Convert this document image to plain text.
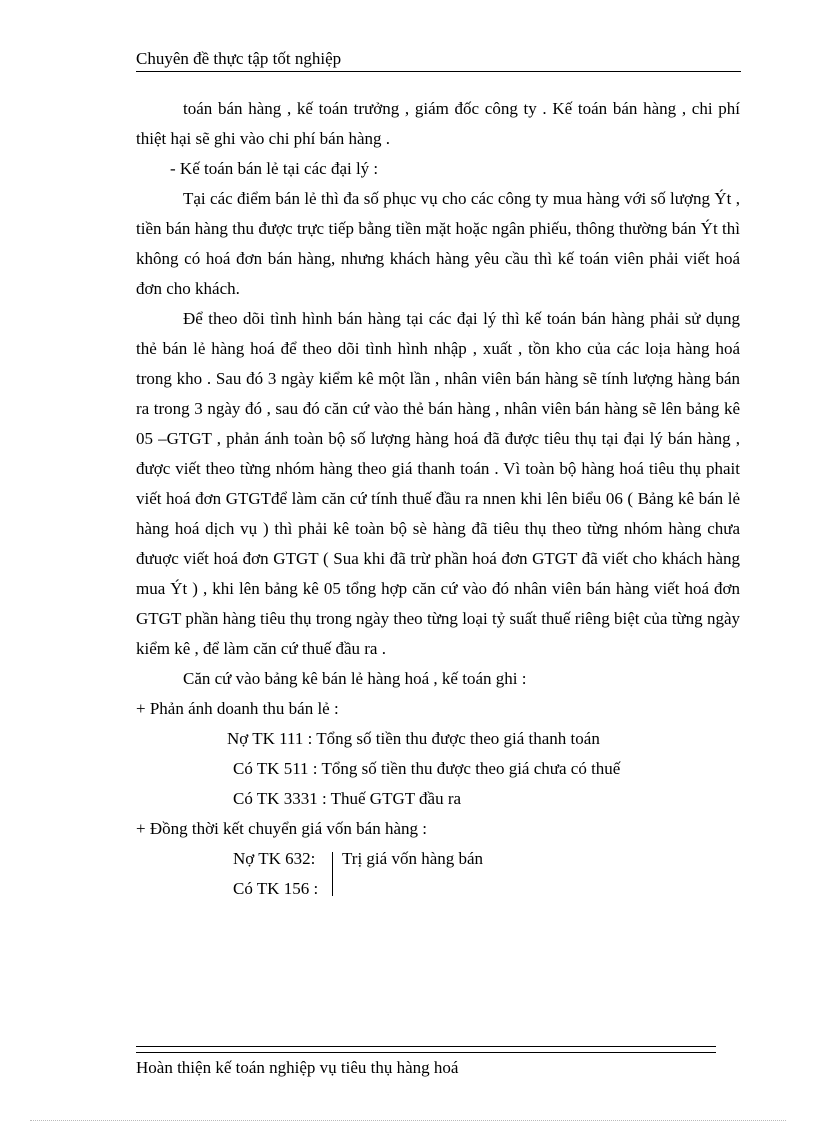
Chuyên đề thực tập tốt nghiệp

toán bán hàng , kế toán trưởng , giám đốc công ty . Kế toán bán hàng , chi phí thiệt hại sẽ ghi vào chi phí bán hàng .

- Kế toán bán lẻ tại các đại lý :

Tại các điểm bán lẻ thì đa số phục vụ cho các công ty mua hàng với số lượng Ýt , tiền bán hàng thu được trực tiếp bằng tiền mặt hoặc ngân phiếu, thông thường bán Ýt thì không có hoá đơn bán hàng, nhưng khách hàng yêu cầu thì kế toán viên phải viết hoá đơn cho khách.

Để theo dõi tình hình bán hàng tại các đại lý thì kế toán bán hàng phải sử dụng thẻ bán lẻ hàng hoá để theo dõi tình hình nhập , xuất , tồn kho của các loịa hàng hoá trong kho . Sau đó 3 ngày kiểm kê một lần , nhân viên bán hàng sẽ tính lượng hàng bán ra trong 3 ngày đó , sau đó căn cứ vào thẻ bán hàng , nhân viên bán hàng sẽ lên bảng kê 05 –GTGT , phản ánh toàn bộ số lượng hàng hoá đã được tiêu thụ tại đại lý bán hàng , được viết theo từng nhóm hàng theo giá thanh toán . Vì toàn bộ hàng hoá tiêu thụ phait viết hoá đơn GTGTđể làm căn cứ tính thuế đầu ra nnen khi lên biểu 06 ( Bảng kê bán lẻ hàng hoá dịch vụ ) thì phải kê toàn bộ sè hàng đã tiêu thụ theo từng nhóm hàng chưa đưuợc viết hoá đơn GTGT ( Sua khi đã trừ phần hoá đơn GTGT đã viết cho khách hàng mua Ýt ) , khi lên bảng kê 05 tổng hợp căn cứ vào đó nhân viên bán hàng viết hoá đơn GTGT phần hàng tiêu thụ trong ngày theo từng loại tỷ suất thuế riêng biệt của từng ngày kiểm kê , để làm căn cứ thuế đầu ra .

Căn cứ vào bảng kê bán lẻ hàng hoá , kế toán ghi :
+ Phản ánh doanh thu bán lẻ :
Nợ TK 111 : Tổng số tiền thu được theo giá thanh toán
Có TK 511 : Tổng số tiền thu được theo giá chưa có thuế
Có TK 3331 : Thuế GTGT đầu ra
+ Đồng thời kết chuyển giá vốn bán hàng :
Nợ TK 632:
Có TK 156 :
Trị giá vốn hàng bán
Hoàn thiện kế toán nghiệp vụ tiêu thụ hàng hoá
